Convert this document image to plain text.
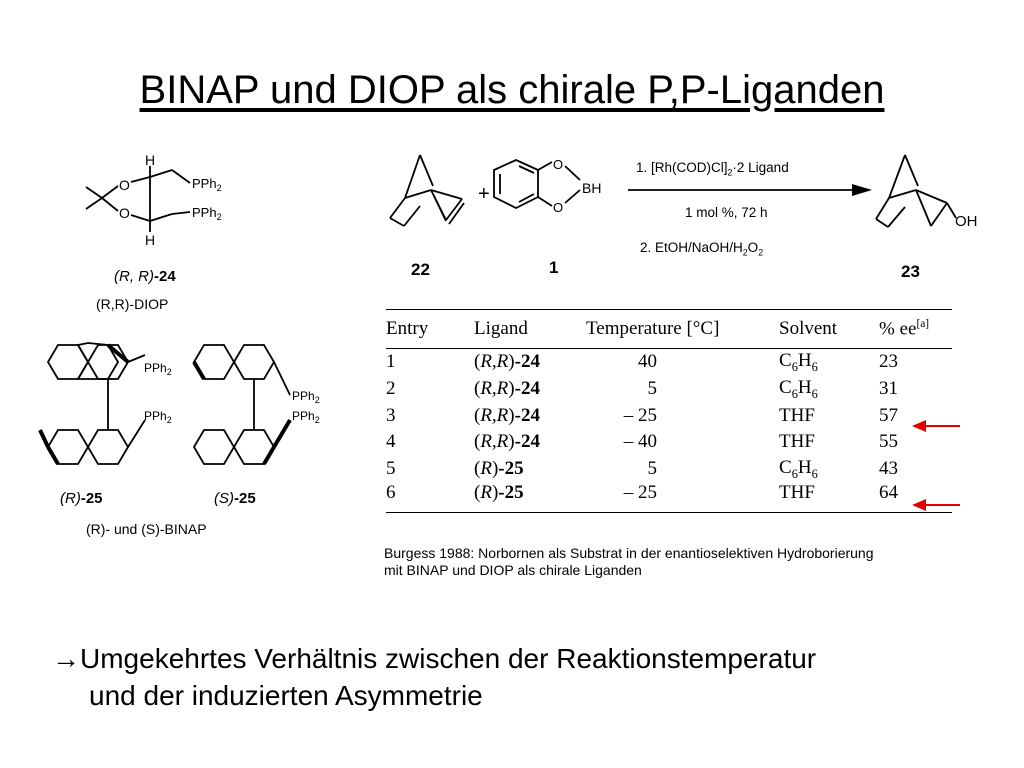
BINAP und DIOP als chirale P,P-Liganden
O
O
H
H
PPh$_2$
PPh$_2$
(R, R)-24
(R,R)-DIOP
PPh$_2$
PPh$_2$
PPh$_2$
PPh$_2$
(R)-25	(S)-25
(R)- und (S)-BINAP
+
O
O
BH
OH
22	1	23
1. $[Rh(COD)Cl]_2\cdot 2$ Ligand
1 mol %, 72 h
2. EtOH/$NaOH/H_2O_2$
Entry	Ligand	Temperature [°C]	Solvent	% ee[a]
1	(R,R)-24	40	$C_6H_6$	23
2	(R,R)-24	5	$C_6H_6$	31
3	(R,R)-24	– 25	THF	57
4	(R,R)-24	– 40	THF	55
5	(R)-25	5	$C_6H_6$	43
6	(R)-25	– 25	THF	64
Burgess 1988: Norbornen als Substrat in der enantioselektiven Hydroborierung
mit BINAP und DIOP als chirale Liganden
→Umgekehrtes Verhältnis zwischen der Reaktionstemperatur
und der induzierten Asymmetrie
